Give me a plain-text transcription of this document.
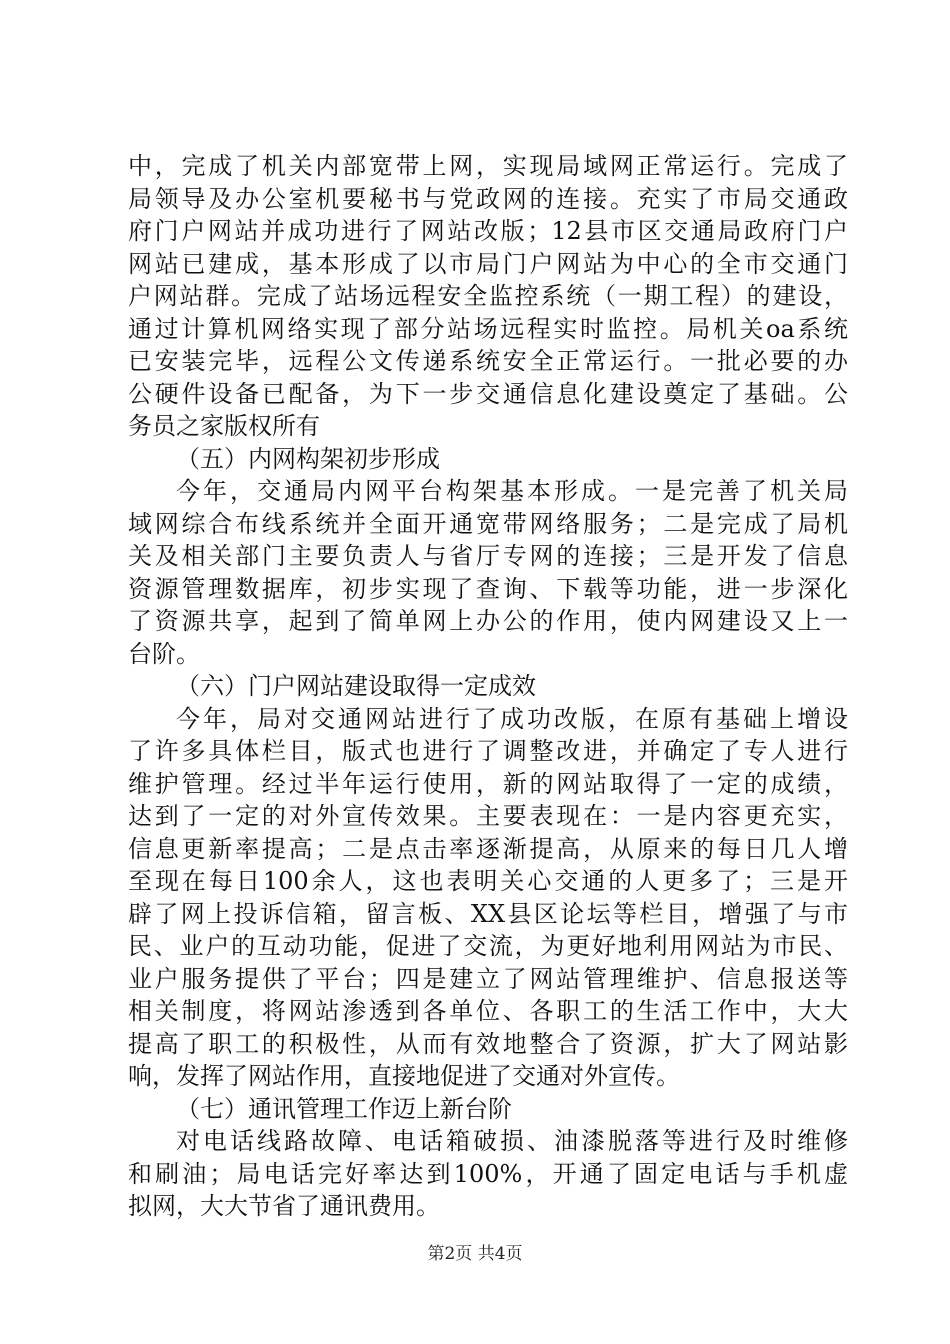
中，完成了机关内部宽带上网，实现局域网正常运行。完成了
局领导及办公室机要秘书与党政网的连接。充实了市局交通政
府门户网站并成功进行了网站改版；12县市区交通局政府门户
网站已建成，基本形成了以市局门户网站为中心的全市交通门
户网站群。完成了站场远程安全监控系统（一期工程）的建设，
通过计算机网络实现了部分站场远程实时监控。局机关oa系统
已安装完毕，远程公文传递系统安全正常运行。一批必要的办
公硬件设备已配备，为下一步交通信息化建设奠定了基础。公
务员之家版权所有
（五）内网构架初步形成
今年，交通局内网平台构架基本形成。一是完善了机关局
域网综合布线系统并全面开通宽带网络服务；二是完成了局机
关及相关部门主要负责人与省厅专网的连接；三是开发了信息
资源管理数据库，初步实现了查询、下载等功能，进一步深化
了资源共享，起到了简单网上办公的作用，使内网建设又上一
台阶。
（六）门户网站建设取得一定成效
今年，局对交通网站进行了成功改版，在原有基础上增设
了许多具体栏目，版式也进行了调整改进，并确定了专人进行
维护管理。经过半年运行使用，新的网站取得了一定的成绩，
达到了一定的对外宣传效果。主要表现在：一是内容更充实，
信息更新率提高；二是点击率逐渐提高，从原来的每日几人增
至现在每日100余人，这也表明关心交通的人更多了；三是开
辟了网上投诉信箱，留言板、XX县区论坛等栏目，增强了与市
民、业户的互动功能，促进了交流，为更好地利用网站为市民、
业户服务提供了平台；四是建立了网站管理维护、信息报送等
相关制度，将网站渗透到各单位、各职工的生活工作中，大大
提高了职工的积极性，从而有效地整合了资源，扩大了网站影
响，发挥了网站作用，直接地促进了交通对外宣传。
（七）通讯管理工作迈上新台阶
对电话线路故障、电话箱破损、油漆脱落等进行及时维修
和刷油；局电话完好率达到100%，开通了固定电话与手机虚
拟网，大大节省了通讯费用。
第2页 共4页
